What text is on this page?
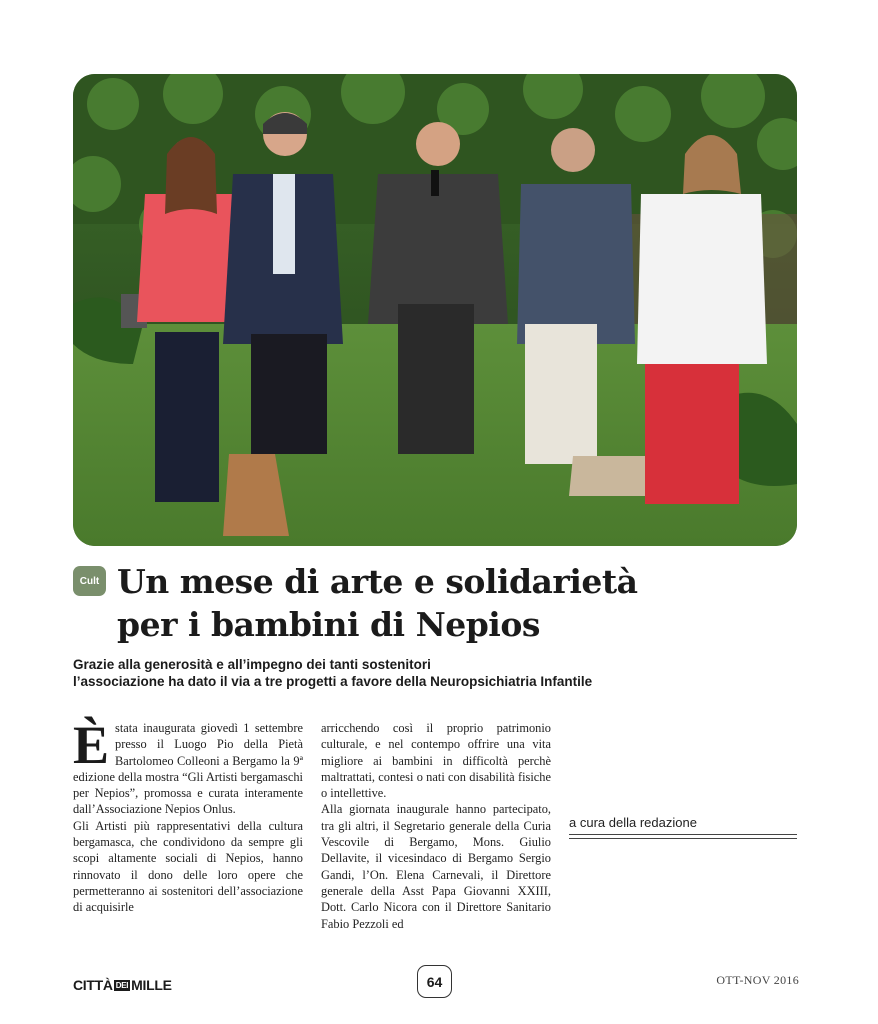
Cult Un mese di arte e solidarietà
per i bambini di Nepios
Grazie alla generosità e all’impegno dei tanti sostenitori
l’associazione ha dato il via a tre progetti a favore della Neuropsichiatria Infantile

È stata inaugurata giovedì 1 settembre presso il Luogo Pio della Pietà Bartolomeo Colleoni a Bergamo la 9ª edizione della mostra “Gli Artisti bergamaschi per Nepios”, promossa e curata interamente dall’Associazione Nepios Onlus.

Gli Artisti più rappresentativi della cultura bergamasca, che condividono da sempre gli scopi altamente sociali di Nepios, hanno rinnovato il dono delle loro opere che permetteranno ai sostenitori dell’associazione di acquisirle

arricchendo così il proprio patrimonio culturale, e nel contempo offrire una vita migliore ai bambini in difficoltà perchè maltrattati, contesi o nati con disabilità fisiche o intellettive.

Alla giornata inaugurale hanno partecipato, tra gli altri, il Segretario generale della Curia Vescovile di Bergamo, Mons. Giulio Dellavite, il vicesindaco di Bergamo Sergio Gandi, l’On. Elena Carnevali, il Direttore generale della Asst Papa Giovanni XXIII, Dott. Carlo Nicora con il Direttore Sanitario Fabio Pezzoli ed

a cura della redazione
CITTÀ DEI MILLE	64	OTT-NOV 2016
